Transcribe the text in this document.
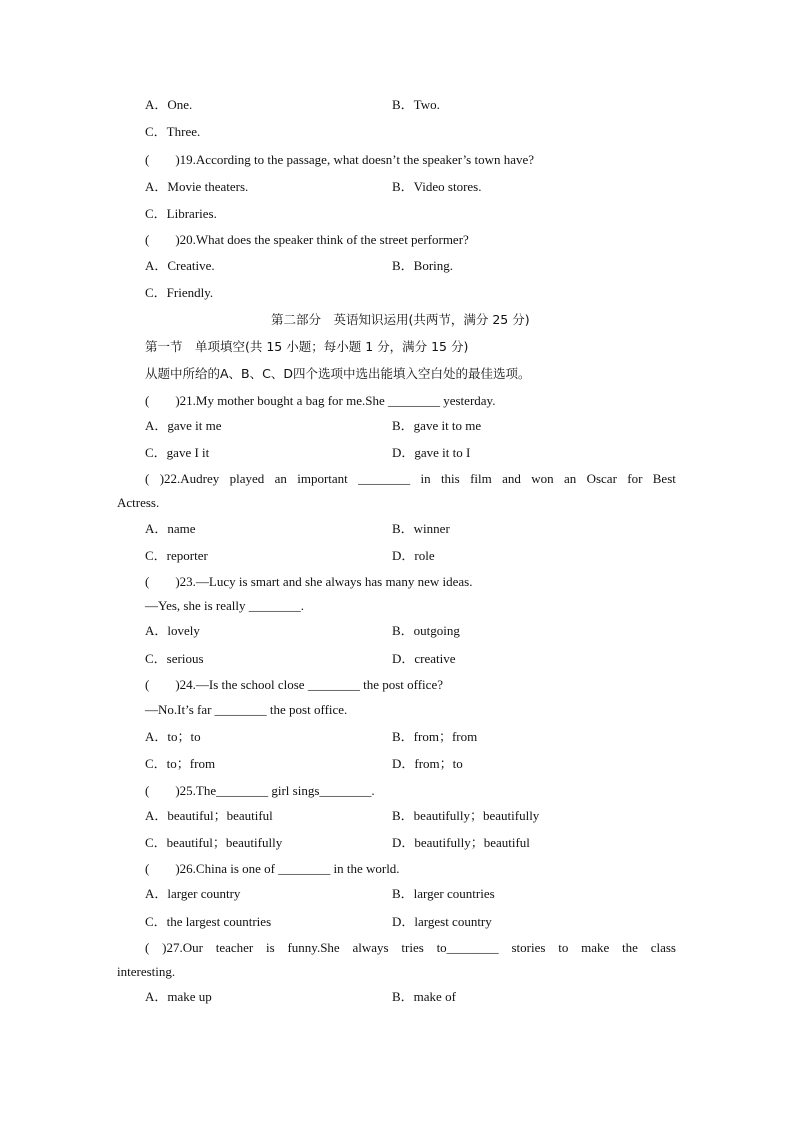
A．One.	B．Two.
C．Three.
(　　)19.According to the passage, what doesn’t the speaker’s town have?
A．Movie theaters.	B．Video stores.
C．Libraries.
(　　)20.What does the speaker think of the street performer?
A．Creative.	B．Boring.
C．Friendly.
第二部分　英语知识运用(共两节，满分 25 分)
第一节　单项填空(共 15 小题；每小题 1 分，满分 15 分)
从题中所给的A、B、C、D四个选项中选出能填入空白处的最佳选项。
(　　)21.My mother bought a bag for me.She ________ yesterday.
A．gave it me	B．gave it to me
C．gave I it	D．gave it to I
( )22.Audrey played an important ________ in this film and won an Oscar for Best
Actress.
A．name	B．winner
C．reporter	D．role
(　　)23.—Lucy is smart and she always has many new ideas.
—Yes, she is really ________.
A．lovely	B．outgoing
C．serious	D．creative
(　　)24.—Is the school close ________ the post office?
—No.It’s far ________ the post office.
A．to；to	B．from；from
C．to；from	D．from；to
(　　)25.The________ girl sings________.
A．beautiful；beautiful	B．beautifully；beautifully
C．beautiful；beautifully	D．beautifully；beautiful
(　　)26.China is one of ________ in the world.
A．larger country	B．larger countries
C．the largest countries	D．largest country
( )27.Our teacher is funny.She always tries to________ stories to make the class
interesting.
A．make up	B．make of
